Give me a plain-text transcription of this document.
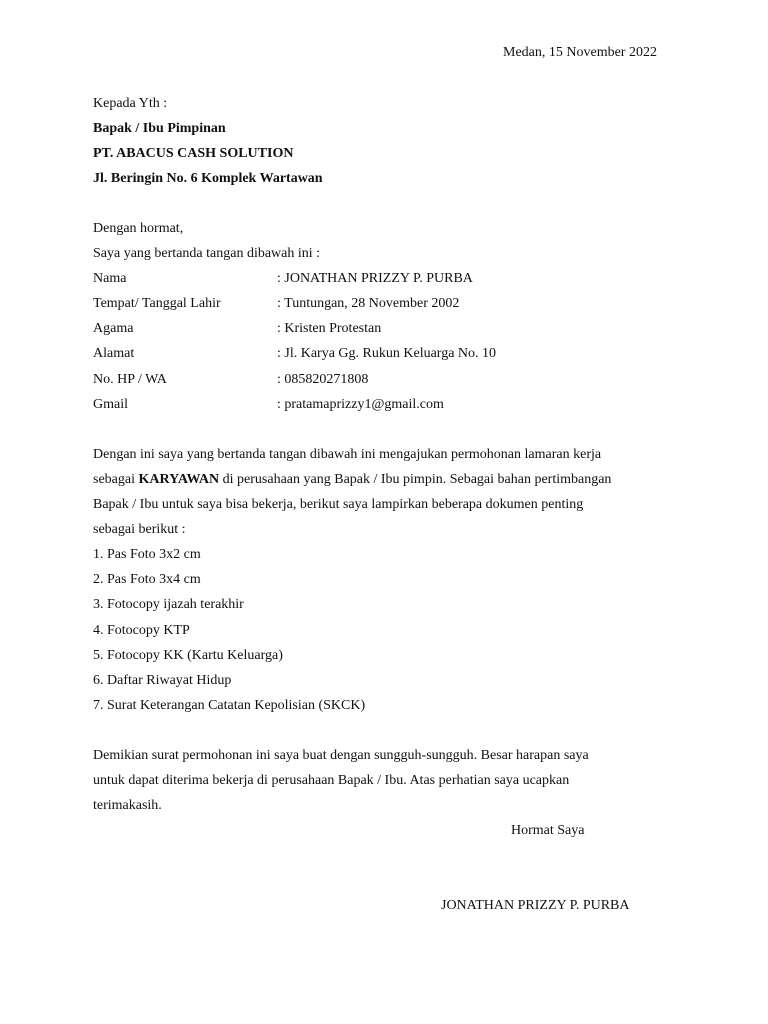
Medan, 15 November 2022
Kepada Yth :
Bapak / Ibu Pimpinan
PT. ABACUS CASH SOLUTION
Jl. Beringin No. 6 Komplek Wartawan
Dengan hormat,
Saya yang bertanda tangan dibawah ini :
Nama	: JONATHAN PRIZZY P. PURBA
Tempat/ Tanggal Lahir	: Tuntungan, 28 November 2002
Agama	: Kristen Protestan
Alamat	: Jl. Karya Gg. Rukun Keluarga No. 10
No. HP / WA	: 085820271808
Gmail	: pratamaprizzy1@gmail.com
Dengan ini saya yang bertanda tangan dibawah ini mengajukan permohonan lamaran kerja
sebagai KARYAWAN di perusahaan yang Bapak / Ibu pimpin. Sebagai bahan pertimbangan
Bapak / Ibu untuk saya bisa bekerja, berikut saya lampirkan beberapa dokumen penting
sebagai berikut :
1. Pas Foto 3x2 cm
2. Pas Foto 3x4 cm
3. Fotocopy ijazah terakhir
4. Fotocopy KTP
5. Fotocopy KK (Kartu Keluarga)
6. Daftar Riwayat Hidup
7. Surat Keterangan Catatan Kepolisian (SKCK)
Demikian surat permohonan ini saya buat dengan sungguh-sungguh. Besar harapan saya
untuk dapat diterima bekerja di perusahaan Bapak / Ibu. Atas perhatian saya ucapkan
terimakasih.
Hormat Saya
JONATHAN PRIZZY P. PURBA
